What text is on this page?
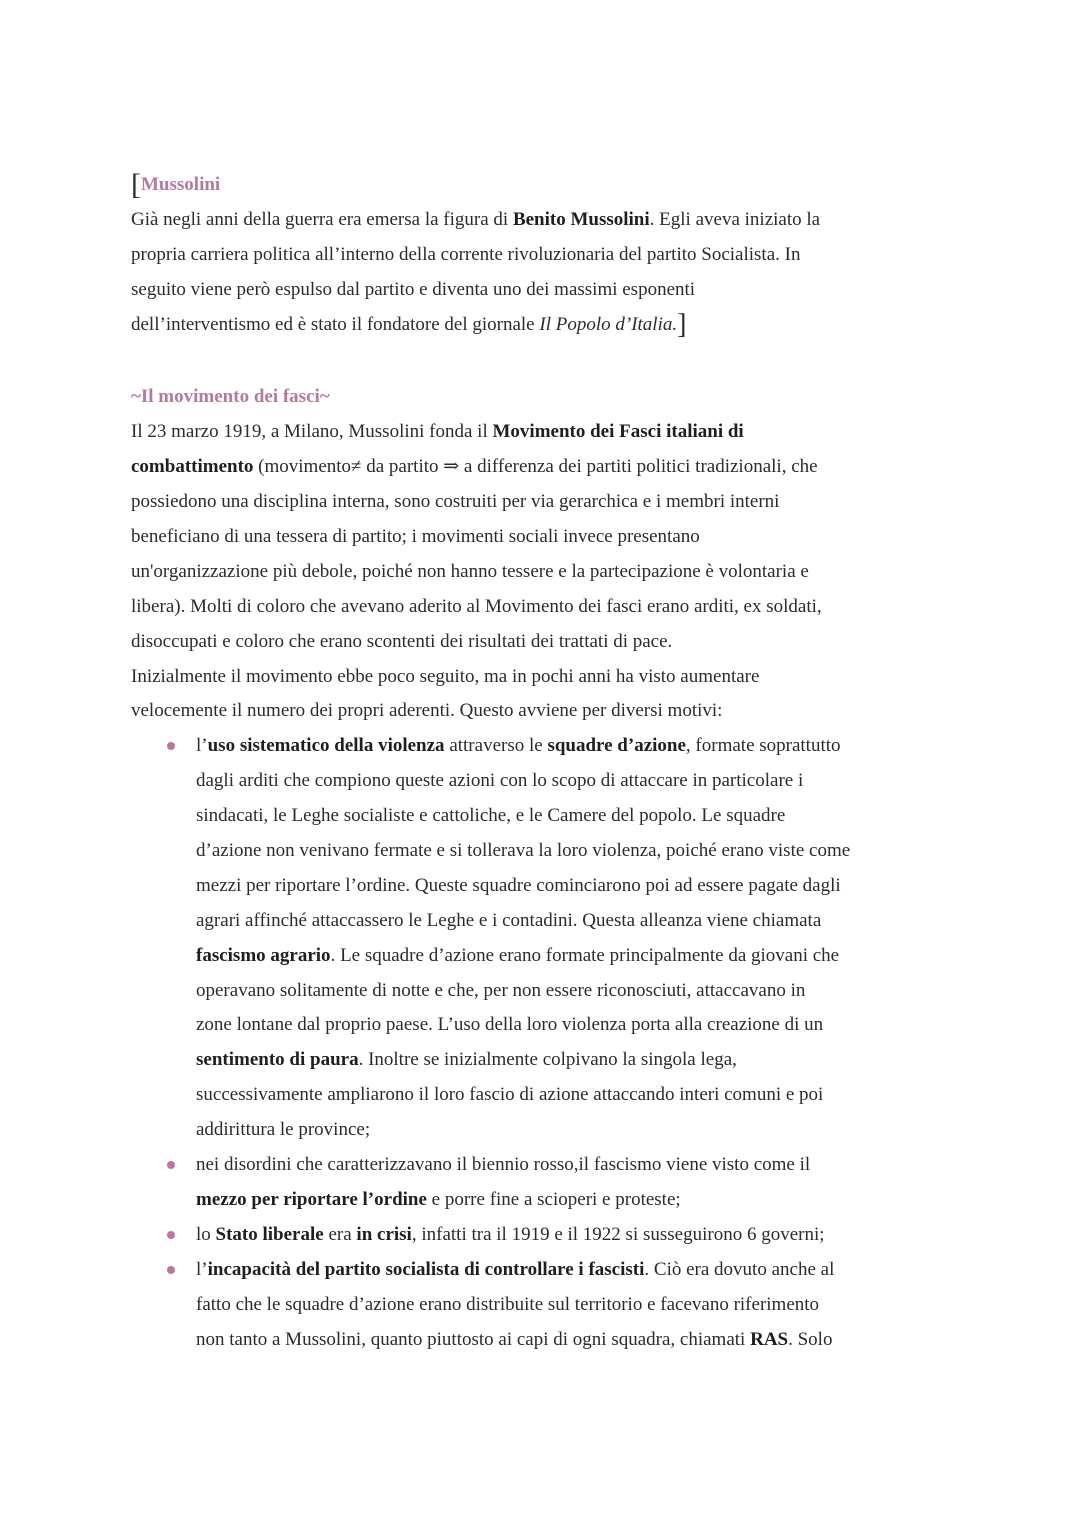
[Mussolini
Già negli anni della guerra era emersa la figura di Benito Mussolini. Egli aveva iniziato la
propria carriera politica all’interno della corrente rivoluzionaria del partito Socialista. In
seguito viene però espulso dal partito e diventa uno dei massimi esponenti
dell’interventismo ed è stato il fondatore del giornale Il Popolo d’Italia.]
~Il movimento dei fasci~
Il 23 marzo 1919, a Milano, Mussolini fonda il Movimento dei Fasci italiani di
combattimento (movimento≠ da partito ⇒ a differenza dei partiti politici tradizionali, che
possiedono una disciplina interna, sono costruiti per via gerarchica e i membri interni
beneficiano di una tessera di partito; i movimenti sociali invece presentano
un'organizzazione più debole, poiché non hanno tessere e la partecipazione è volontaria e
libera). Molti di coloro che avevano aderito al Movimento dei fasci erano arditi, ex soldati,
disoccupati e coloro che erano scontenti dei risultati dei trattati di pace.
Inizialmente il movimento ebbe poco seguito, ma in pochi anni ha visto aumentare
velocemente il numero dei propri aderenti. Questo avviene per diversi motivi:
l’uso sistematico della violenza attraverso le squadre d’azione, formate soprattutto
dagli arditi che compiono queste azioni con lo scopo di attaccare in particolare i
sindacati, le Leghe socialiste e cattoliche, e le Camere del popolo. Le squadre
d’azione non venivano fermate e si tollerava la loro violenza, poiché erano viste come
mezzi per riportare l’ordine. Queste squadre cominciarono poi ad essere pagate dagli
agrari affinché attaccassero le Leghe e i contadini. Questa alleanza viene chiamata
fascismo agrario. Le squadre d’azione erano formate principalmente da giovani che
operavano solitamente di notte e che, per non essere riconosciuti, attaccavano in
zone lontane dal proprio paese. L’uso della loro violenza porta alla creazione di un
sentimento di paura. Inoltre se inizialmente colpivano la singola lega,
successivamente ampliarono il loro fascio di azione attaccando interi comuni e poi
addirittura le province;
nei disordini che caratterizzavano il biennio rosso,il fascismo viene visto come il
mezzo per riportare l’ordine e porre fine a scioperi e proteste;
lo Stato liberale era in crisi, infatti tra il 1919 e il 1922 si susseguirono 6 governi;
l’incapacità del partito socialista di controllare i fascisti. Ciò era dovuto anche al
fatto che le squadre d’azione erano distribuite sul territorio e facevano riferimento
non tanto a Mussolini, quanto piuttosto ai capi di ogni squadra, chiamati RAS. Solo
